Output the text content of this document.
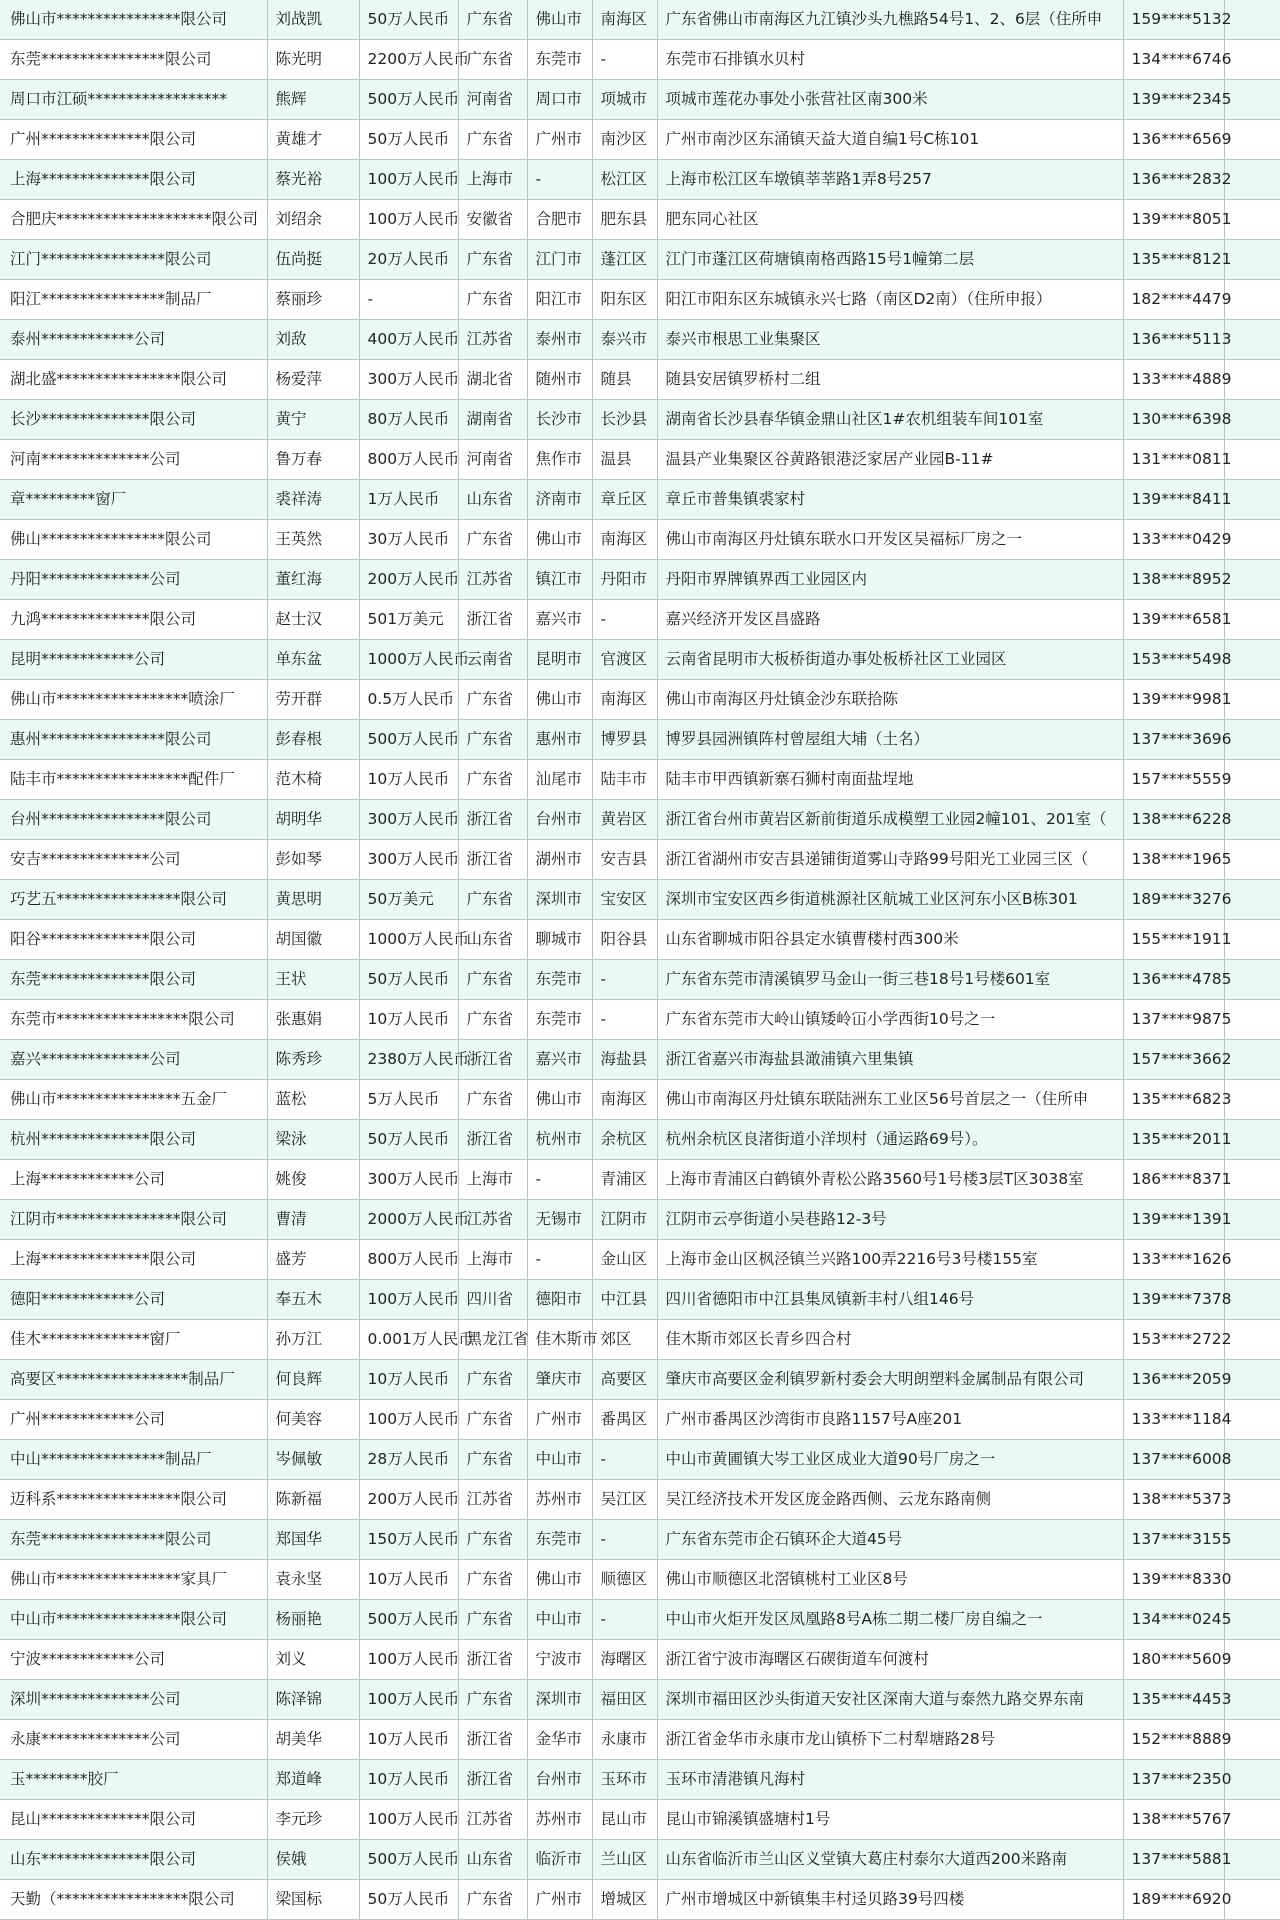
佛山市****************限公司	刘战凯	50万人民币	广东省	佛山市	南海区	广东省佛山市南海区九江镇沙头九樵路54号1、2、6层（住所申	159****5132	
东莞****************限公司	陈光明	2200万人民币	广东省	东莞市	-	东莞市石排镇水贝村	134****6746	
周口市江硕******************	熊辉	500万人民币	河南省	周口市	项城市	项城市莲花办事处小张营社区南300米	139****2345	
广州**************限公司	黄雄才	50万人民币	广东省	广州市	南沙区	广州市南沙区东涌镇天益大道自编1号C栋101	136****6569	
上海**************限公司	蔡光裕	100万人民币	上海市	-	松江区	上海市松江区车墩镇莘莘路1弄8号257	136****2832	
合肥庆********************限公司	刘绍余	100万人民币	安徽省	合肥市	肥东县	肥东同心社区	139****8051	
江门****************限公司	伍尚挺	20万人民币	广东省	江门市	蓬江区	江门市蓬江区荷塘镇南格西路15号1幢第二层	135****8121	
阳江****************制品厂	蔡丽珍	-	广东省	阳江市	阳东区	阳江市阳东区东城镇永兴七路（南区D2南）（住所申报）	182****4479	
泰州************公司	刘敌	400万人民币	江苏省	泰州市	泰兴市	泰兴市根思工业集聚区	136****5113	
湖北盛****************限公司	杨爱萍	300万人民币	湖北省	随州市	随县	随县安居镇罗桥村二组	133****4889	
长沙**************限公司	黄宁	80万人民币	湖南省	长沙市	长沙县	湖南省长沙县春华镇金鼎山社区1#农机组装车间101室	130****6398	
河南**************公司	鲁万春	800万人民币	河南省	焦作市	温县	温县产业集聚区谷黄路银港泛家居产业园B-11#	131****0811	
章*********窗厂	裘祥涛	1万人民币	山东省	济南市	章丘区	章丘市普集镇裘家村	139****8411	
佛山****************限公司	王英然	30万人民币	广东省	佛山市	南海区	佛山市南海区丹灶镇东联水口开发区吴福标厂房之一	133****0429	
丹阳**************公司	董红海	200万人民币	江苏省	镇江市	丹阳市	丹阳市界牌镇界西工业园区内	138****8952	
九鸿**************限公司	赵士汉	501万美元	浙江省	嘉兴市	-	嘉兴经济开发区昌盛路	139****6581	
昆明************公司	单东盆	1000万人民币	云南省	昆明市	官渡区	云南省昆明市大板桥街道办事处板桥社区工业园区	153****5498	
佛山市*****************喷涂厂	劳开群	0.5万人民币	广东省	佛山市	南海区	佛山市南海区丹灶镇金沙东联拾陈	139****9981	
惠州****************限公司	彭春根	500万人民币	广东省	惠州市	博罗县	博罗县园洲镇阵村曾屋组大埔（土名）	137****3696	
陆丰市*****************配件厂	范木椅	10万人民币	广东省	汕尾市	陆丰市	陆丰市甲西镇新寨石狮村南面盐埕地	157****5559	
台州****************限公司	胡明华	300万人民币	浙江省	台州市	黄岩区	浙江省台州市黄岩区新前街道乐成模塑工业园2幢101、201室（	138****6228	
安吉**************公司	彭如琴	300万人民币	浙江省	湖州市	安吉县	浙江省湖州市安吉县递铺街道雾山寺路99号阳光工业园三区（	138****1965	
巧艺五****************限公司	黄思明	50万美元	广东省	深圳市	宝安区	深圳市宝安区西乡街道桃源社区航城工业区河东小区B栋301	189****3276	
阳谷**************限公司	胡国徽	1000万人民币	山东省	聊城市	阳谷县	山东省聊城市阳谷县定水镇曹楼村西300米	155****1911	
东莞**************限公司	王状	50万人民币	广东省	东莞市	-	广东省东莞市清溪镇罗马金山一街三巷18号1号楼601室	136****4785	
东莞市*****************限公司	张惠娟	10万人民币	广东省	东莞市	-	广东省东莞市大岭山镇矮岭冚小学西街10号之一	137****9875	
嘉兴**************公司	陈秀珍	2380万人民币	浙江省	嘉兴市	海盐县	浙江省嘉兴市海盐县澉浦镇六里集镇	157****3662	
佛山市****************五金厂	蓝松	5万人民币	广东省	佛山市	南海区	佛山市南海区丹灶镇东联陆洲东工业区56号首层之一（住所申	135****6823	
杭州**************限公司	梁泳	50万人民币	浙江省	杭州市	余杭区	杭州余杭区良渚街道小洋坝村（通运路69号）。	135****2011	
上海************公司	姚俊	300万人民币	上海市	-	青浦区	上海市青浦区白鹤镇外青松公路3560号1号楼3层T区3038室	186****8371	
江阴市****************限公司	曹清	2000万人民币	江苏省	无锡市	江阴市	江阴市云亭街道小吴巷路12-3号	139****1391	
上海**************限公司	盛芳	800万人民币	上海市	-	金山区	上海市金山区枫泾镇兰兴路100弄2216号3号楼155室	133****1626	
德阳************公司	奉五木	100万人民币	四川省	德阳市	中江县	四川省德阳市中江县集凤镇新丰村八组146号	139****7378	
佳木**************窗厂	孙万江	0.001万人民币	黑龙江省	佳木斯市	郊区	佳木斯市郊区长青乡四合村	153****2722	
高要区*****************制品厂	何良辉	10万人民币	广东省	肇庆市	高要区	肇庆市高要区金利镇罗新村委会大明朗塑料金属制品有限公司	136****2059	
广州************公司	何美容	100万人民币	广东省	广州市	番禺区	广州市番禺区沙湾街市良路1157号A座201	133****1184	
中山****************制品厂	岑佩敏	28万人民币	广东省	中山市	-	中山市黄圃镇大岑工业区成业大道90号厂房之一	137****6008	
迈科系****************限公司	陈新福	200万人民币	江苏省	苏州市	吴江区	吴江经济技术开发区庞金路西侧、云龙东路南侧	138****5373	
东莞****************限公司	郑国华	150万人民币	广东省	东莞市	-	广东省东莞市企石镇环企大道45号	137****3155	
佛山市****************家具厂	袁永坚	10万人民币	广东省	佛山市	顺德区	佛山市顺德区北滘镇桃村工业区8号	139****8330	
中山市****************限公司	杨丽艳	500万人民币	广东省	中山市	-	中山市火炬开发区凤凰路8号A栋二期二楼厂房自编之一	134****0245	
宁波************公司	刘义	100万人民币	浙江省	宁波市	海曙区	浙江省宁波市海曙区石碶街道车何渡村	180****5609	
深圳**************公司	陈泽锦	100万人民币	广东省	深圳市	福田区	深圳市福田区沙头街道天安社区深南大道与泰然九路交界东南	135****4453	
永康**************公司	胡美华	10万人民币	浙江省	金华市	永康市	浙江省金华市永康市龙山镇桥下二村犁塘路28号	152****8889	
玉********胶厂	郑道峰	10万人民币	浙江省	台州市	玉环市	玉环市清港镇凡海村	137****2350	
昆山**************限公司	李元珍	100万人民币	江苏省	苏州市	昆山市	昆山市锦溪镇盛塘村1号	138****5767	
山东**************限公司	侯娥	500万人民币	山东省	临沂市	兰山区	山东省临沂市兰山区义堂镇大葛庄村泰尔大道西200米路南	137****5881	
天勤（*****************限公司	梁国标	50万人民币	广东省	广州市	增城区	广州市增城区中新镇集丰村迳贝路39号四楼	189****6920	
